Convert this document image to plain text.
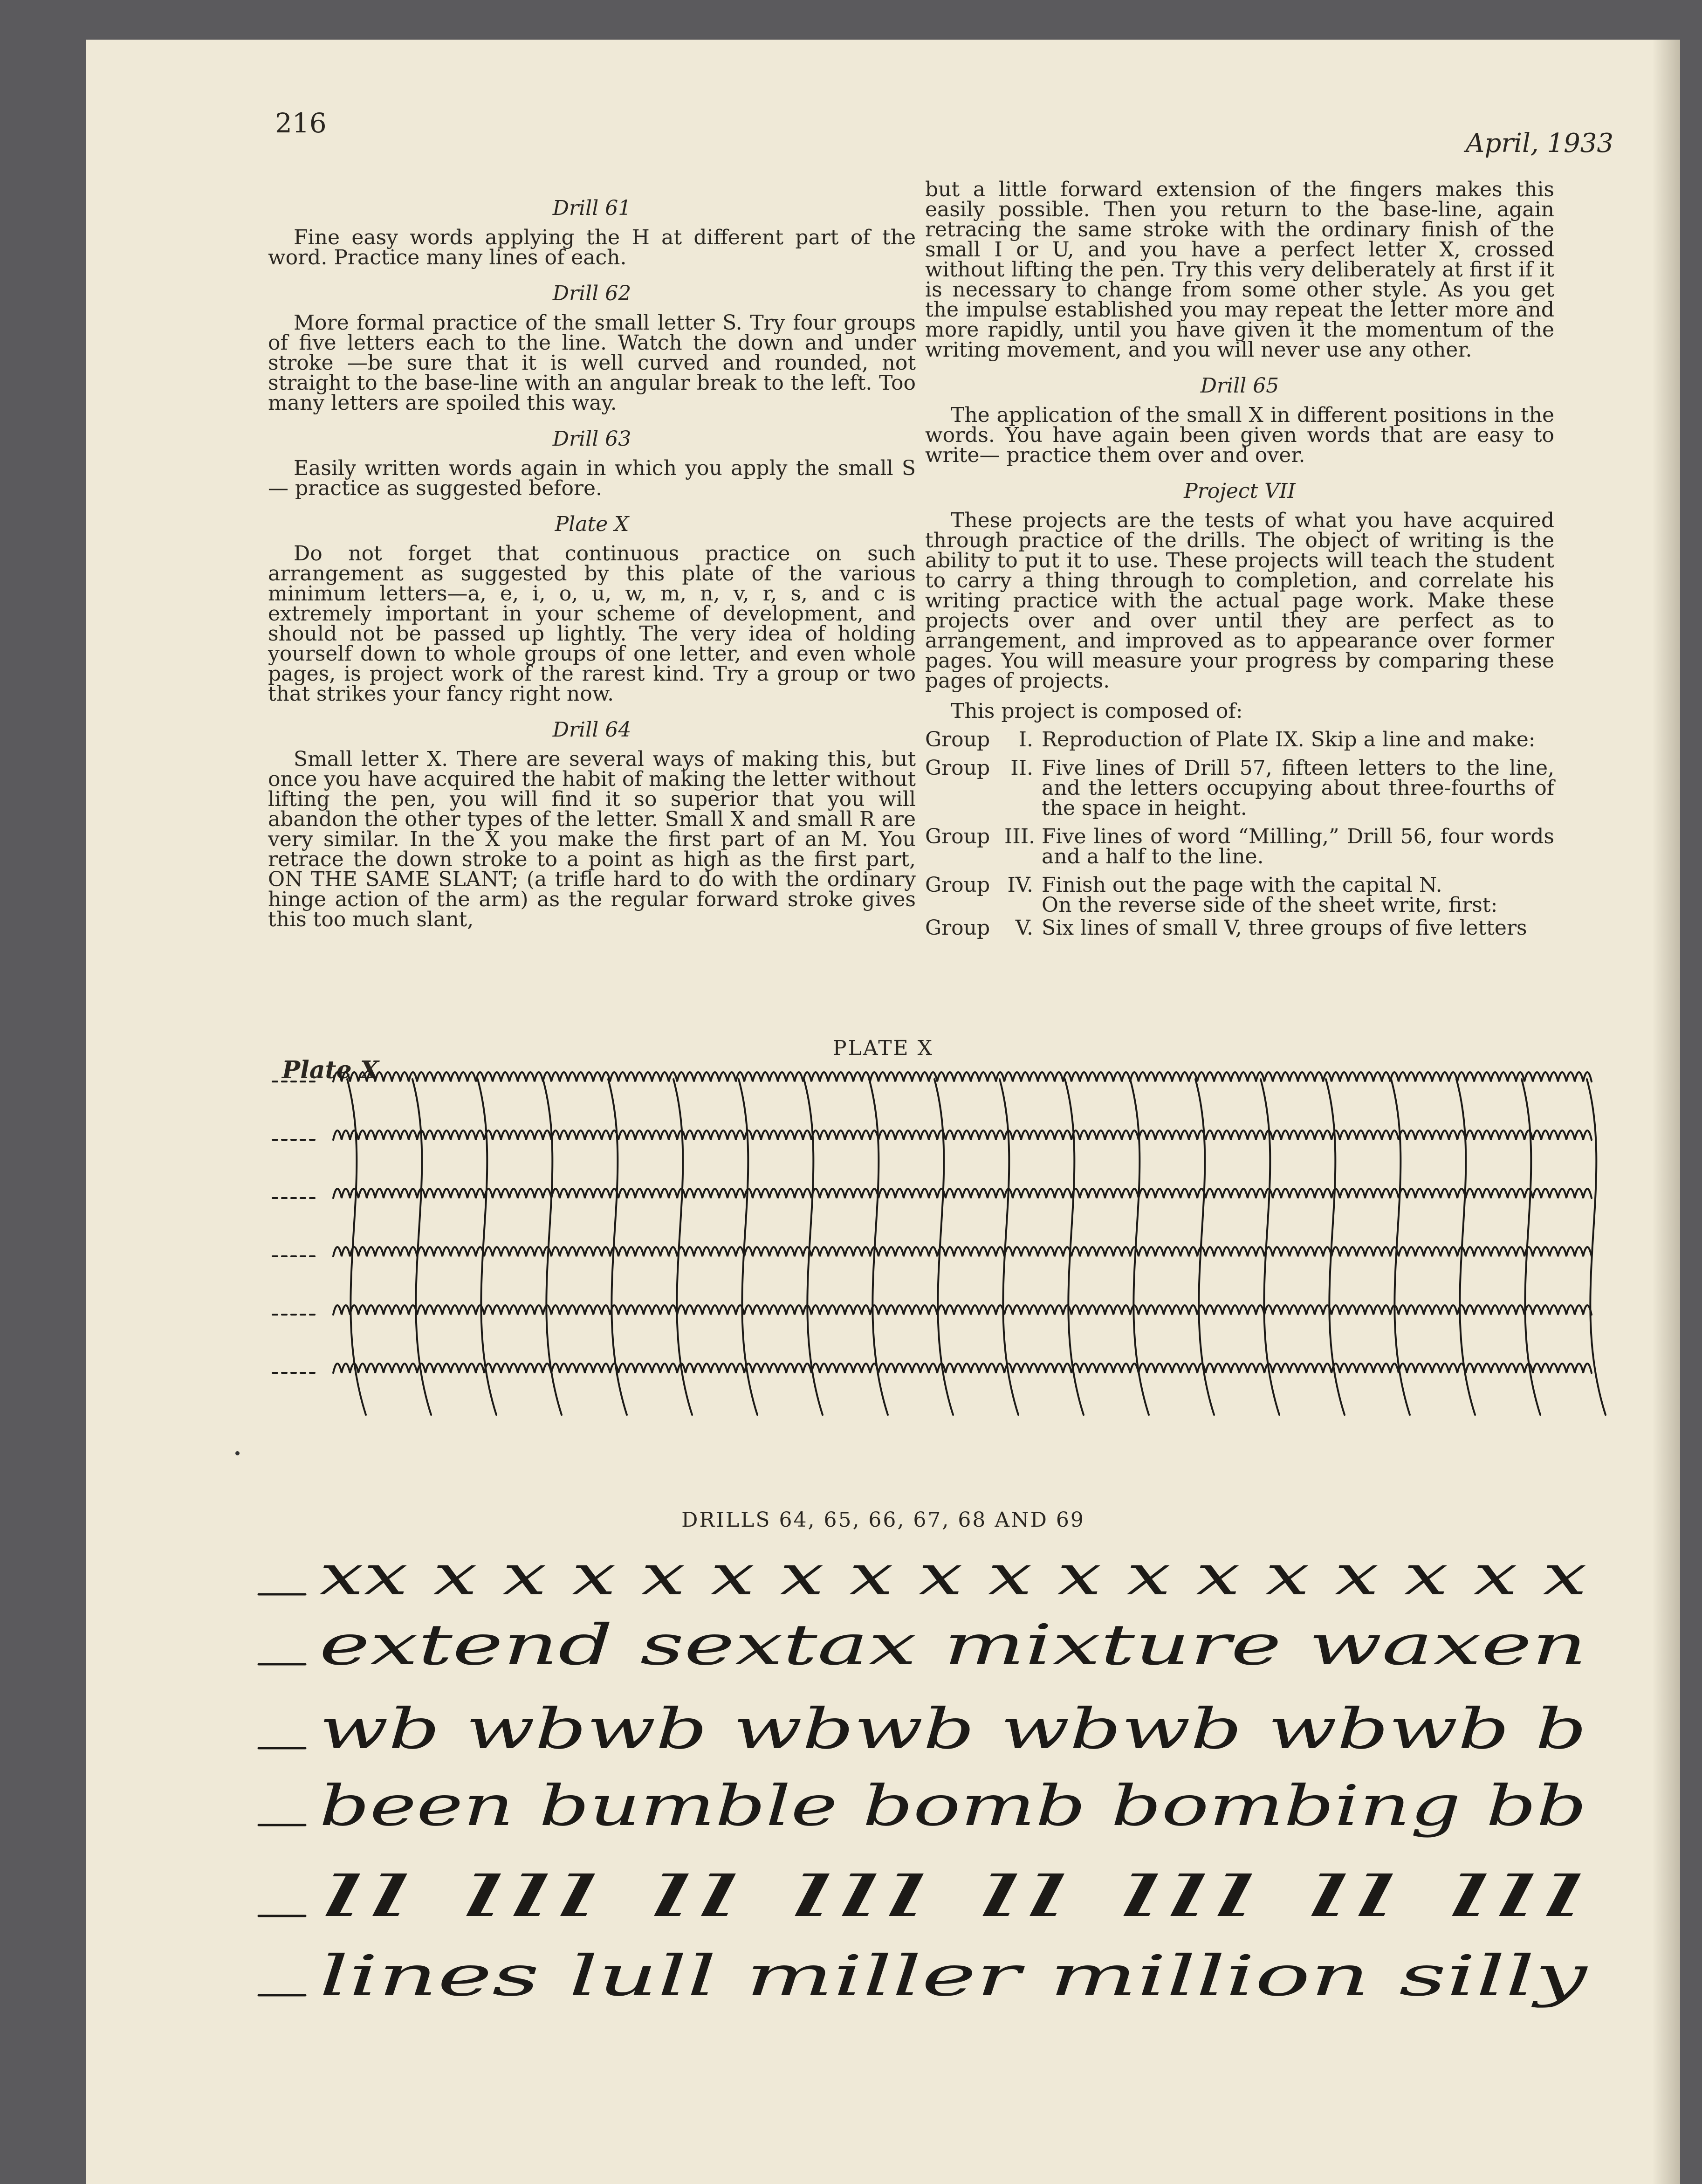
216
April, 1933
Drill 61

Fine easy words applying the H at different part of the word. Practice many lines of each.

Drill 62

More formal practice of the small letter S. Try four groups of five letters each to the line. Watch the down and under stroke —be sure that it is well curved and rounded, not straight to the base-line with an angular break to the left. Too many letters are spoiled this way.

Drill 63

Easily written words again in which you apply the small S— practice as suggested before.

Plate X

Do not forget that continuous practice on such arrangement as suggested by this plate of the various minimum letters—a, e, i, o, u, w, m, n, v, r, s, and c is extremely important in your scheme of development, and should not be passed up lightly. The very idea of holding yourself down to whole groups of one letter, and even whole pages, is project work of the rarest kind. Try a group or two that strikes your fancy right now.

Drill 64

Small letter X. There are several ways of making this, but once you have acquired the habit of making the letter without lifting the pen, you will find it so superior that you will abandon the other types of the letter. Small X and small R are very similar. In the X you make the first part of an M. You retrace the down stroke to a point as high as the first part, ON THE SAME SLANT; (a trifle hard to do with the ordinary hinge action of the arm) as the regular forward stroke gives this too much slant,

but a little forward extension of the fingers makes this easily possible. Then you return to the base-line, again retracing the same stroke with the ordinary finish of the small I or U, and you have a perfect letter X, crossed without lifting the pen. Try this very deliberately at first if it is necessary to change from some other style. As you get the impulse established you may repeat the letter more and more rapidly, until you have given it the momentum of the writing movement, and you will never use any other.

Drill 65

The application of the small X in different positions in the words. You have again been given words that are easy to write— practice them over and over.

Project VII

These projects are the tests of what you have acquired through practice of the drills. The object of writing is the ability to put it to use. These projects will teach the student to carry a thing through to completion, and correlate his writing practice with the actual page work. Make these projects over and over until they are perfect as to arrangement, and improved as to appearance over former pages. You will measure your progress by comparing these pages of projects.

This project is composed of:

Group	I. Reproduction of Plate IX. Skip a line and make:
Group	II. Five lines of Drill 57, fifteen letters to the line, and the letters occupying about three-fourths of the space in height.
Group III. Five lines of word “Milling,” Drill 56, four words and a half to the line.
Group IV. Finish out the page with the capital N.

On the reverse side of the sheet write, first:

Group	V. Six lines of small V, three groups of five letters
PLATE X
Plate X
DRILLS 64, 65, 66, 67, 68 AND 69
xx x x x x x x x x x x x x x x x x x
extend sextax mixture waxen
wb wbwb wbwb wbwb wbwb b
been bumble bomb bombing bb
ll lll ll lll ll lll ll lll
lines lull miller million silly
